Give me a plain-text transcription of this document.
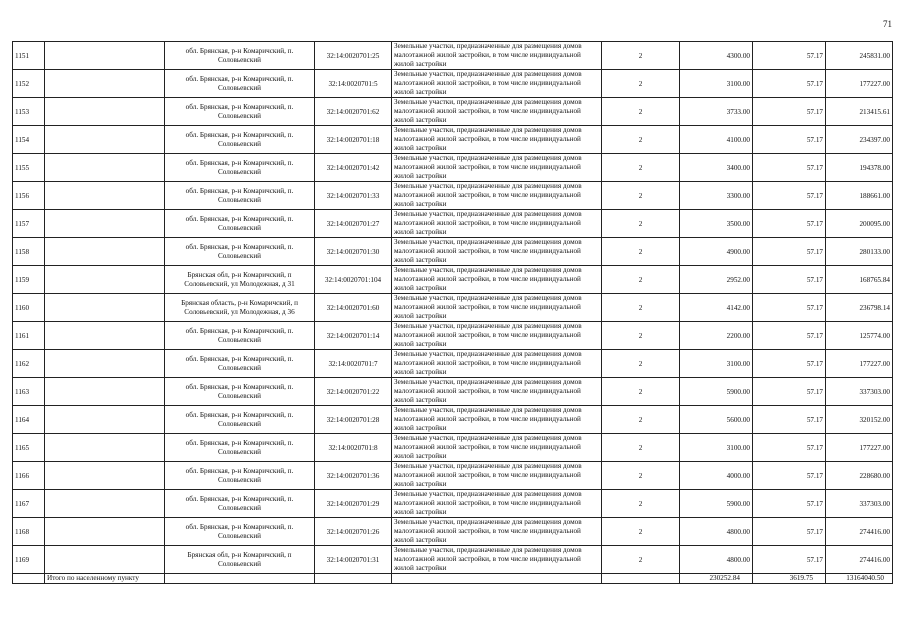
71
1151		обл. Брянская, р-н Комаричский, п. Соловьевский	32:14:0020701:25	Земельные участки, предназначенные для размещения домов малоэтажной жилой застройки, в том числе индивидуальной жилой застройки	2	4300.00	57.17	245831.00
1152		обл. Брянская, р-н Комаричский, п. Соловьевский	32:14:0020701:5	Земельные участки, предназначенные для размещения домов малоэтажной жилой застройки, в том числе индивидуальной жилой застройки	2	3100.00	57.17	177227.00
1153		обл. Брянская, р-н Комаричский, п. Соловьевский	32:14:0020701:62	Земельные участки, предназначенные для размещения домов малоэтажной жилой застройки, в том числе индивидуальной жилой застройки	2	3733.00	57.17	213415.61
1154		обл. Брянская, р-н Комаричский, п. Соловьевский	32:14:0020701:18	Земельные участки, предназначенные для размещения домов малоэтажной жилой застройки, в том числе индивидуальной жилой застройки	2	4100.00	57.17	234397.00
1155		обл. Брянская, р-н Комаричский, п. Соловьевский	32:14:0020701:42	Земельные участки, предназначенные для размещения домов малоэтажной жилой застройки, в том числе индивидуальной жилой застройки	2	3400.00	57.17	194378.00
1156		обл. Брянская, р-н Комаричский, п. Соловьевский	32:14:0020701:33	Земельные участки, предназначенные для размещения домов малоэтажной жилой застройки, в том числе индивидуальной жилой застройки	2	3300.00	57.17	188661.00
1157		обл. Брянская, р-н Комаричский, п. Соловьевский	32:14:0020701:27	Земельные участки, предназначенные для размещения домов малоэтажной жилой застройки, в том числе индивидуальной жилой застройки	2	3500.00	57.17	200095.00
1158		обл. Брянская, р-н Комаричский, п. Соловьевский	32:14:0020701:30	Земельные участки, предназначенные для размещения домов малоэтажной жилой застройки, в том числе индивидуальной жилой застройки	2	4900.00	57.17	280133.00
1159		Брянская обл, р-н Комаричский, п Соловьевский, ул Молодежная, д 31	32:14:0020701:104	Земельные участки, предназначенные для размещения домов малоэтажной жилой застройки, в том числе индивидуальной жилой застройки	2	2952.00	57.17	168765.84
1160		Брянская область, р-н Комаричский, п Соловьевский, ул Молодежная, д 36	32:14:0020701:60	Земельные участки, предназначенные для размещения домов малоэтажной жилой застройки, в том числе индивидуальной жилой застройки	2	4142.00	57.17	236798.14
1161		обл. Брянская, р-н Комаричский, п. Соловьевский	32:14:0020701:14	Земельные участки, предназначенные для размещения домов малоэтажной жилой застройки, в том числе индивидуальной жилой застройки	2	2200.00	57.17	125774.00
1162		обл. Брянская, р-н Комаричский, п. Соловьевский	32:14:0020701:7	Земельные участки, предназначенные для размещения домов малоэтажной жилой застройки, в том числе индивидуальной жилой застройки	2	3100.00	57.17	177227.00
1163		обл. Брянская, р-н Комаричский, п. Соловьевский	32:14:0020701:22	Земельные участки, предназначенные для размещения домов малоэтажной жилой застройки, в том числе индивидуальной жилой застройки	2	5900.00	57.17	337303.00
1164		обл. Брянская, р-н Комаричский, п. Соловьевский	32:14:0020701:28	Земельные участки, предназначенные для размещения домов малоэтажной жилой застройки, в том числе индивидуальной жилой застройки	2	5600.00	57.17	320152.00
1165		обл. Брянская, р-н Комаричский, п. Соловьевский	32:14:0020701:8	Земельные участки, предназначенные для размещения домов малоэтажной жилой застройки, в том числе индивидуальной жилой застройки	2	3100.00	57.17	177227.00
1166		обл. Брянская, р-н Комаричский, п. Соловьевский	32:14:0020701:36	Земельные участки, предназначенные для размещения домов малоэтажной жилой застройки, в том числе индивидуальной жилой застройки	2	4000.00	57.17	228680.00
1167		обл. Брянская, р-н Комаричский, п. Соловьевский	32:14:0020701:29	Земельные участки, предназначенные для размещения домов малоэтажной жилой застройки, в том числе индивидуальной жилой застройки	2	5900.00	57.17	337303.00
1168		обл. Брянская, р-н Комаричский, п. Соловьевский	32:14:0020701:26	Земельные участки, предназначенные для размещения домов малоэтажной жилой застройки, в том числе индивидуальной жилой застройки	2	4800.00	57.17	274416.00
1169		Брянская обл, р-н Комаричский, п Соловьевский	32:14:0020701:31	Земельные участки, предназначенные для размещения домов малоэтажной жилой застройки, в том числе индивидуальной жилой застройки	2	4800.00	57.17	274416.00
	Итого по населенному пункту					230252.84	3619.75	13164040.50
